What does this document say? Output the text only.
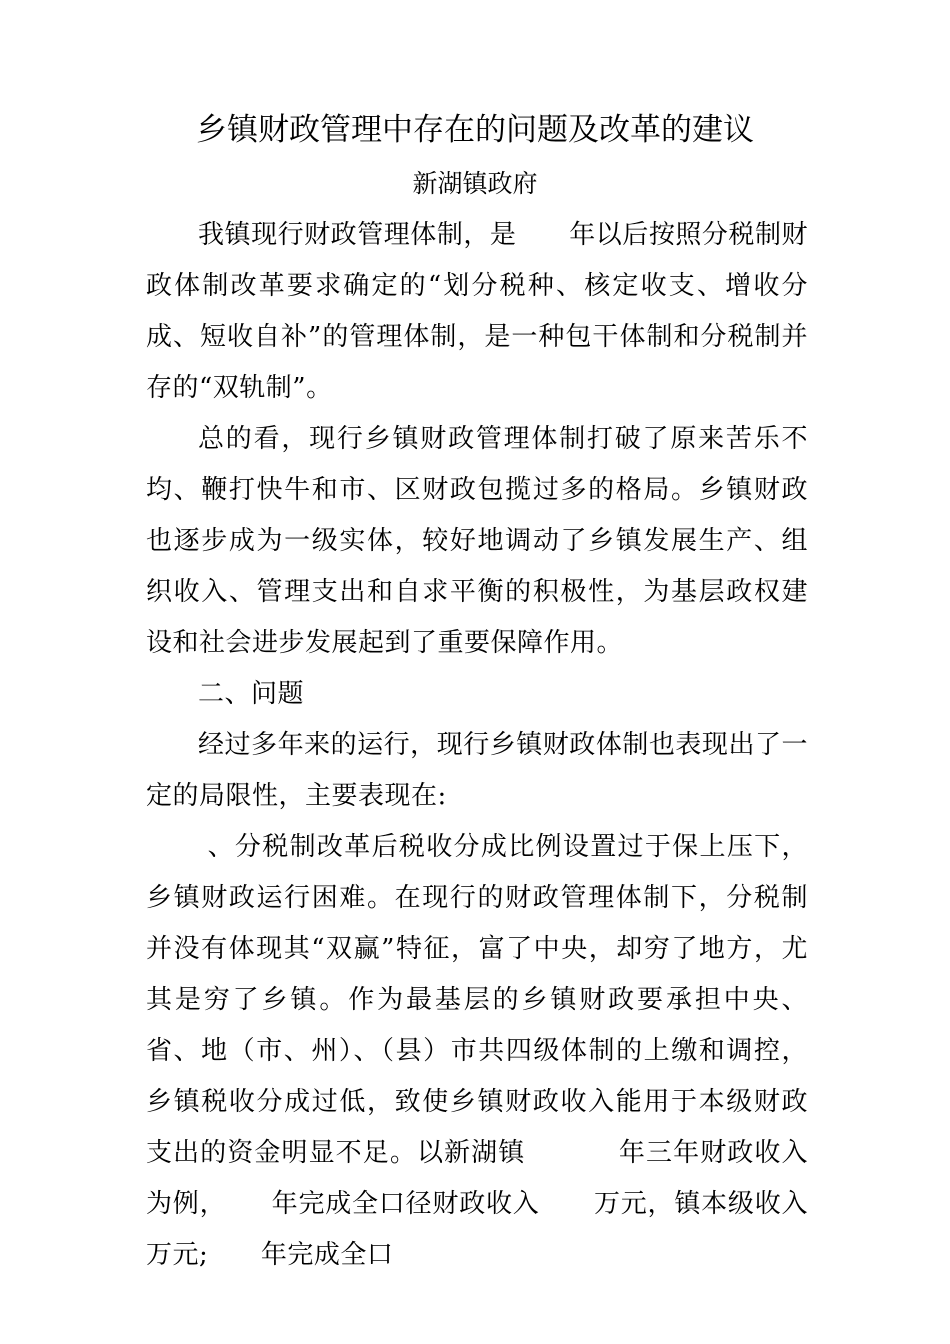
乡镇财政管理中存在的问题及改革的建议
新湖镇政府

我镇现行财政管理体制，是      年以后按照分税制财政体制改革要求确定的“划分税种、核定收支、增收分成、短收自补”的管理体制，是一种包干体制和分税制并存的“双轨制”。

总的看，现行乡镇财政管理体制打破了原来苦乐不均、鞭打快牛和市、区财政包揽过多的格局。乡镇财政也逐步成为一级实体，较好地调动了乡镇发展生产、组织收入、管理支出和自求平衡的积极性，为基层政权建设和社会进步发展起到了重要保障作用。

二、问题

经过多年来的运行，现行乡镇财政体制也表现出了一定的局限性，主要表现在:

、分税制改革后税收分成比例设置过于保上压下，乡镇财政运行困难。在现行的财政管理体制下，分税制并没有体现其“双赢”特征，富了中央，却穷了地方，尤其是穷了乡镇。作为最基层的乡镇财政要承担中央、省、地（市、州）、（县）市共四级体制的上缴和调控，乡镇税收分成过低，致使乡镇财政收入能用于本级财政支出的资金明显不足。以新湖镇          年三年财政收入为例，     年完成全口径财政收入      万元，镇本级收入      万元;      年完成全口
